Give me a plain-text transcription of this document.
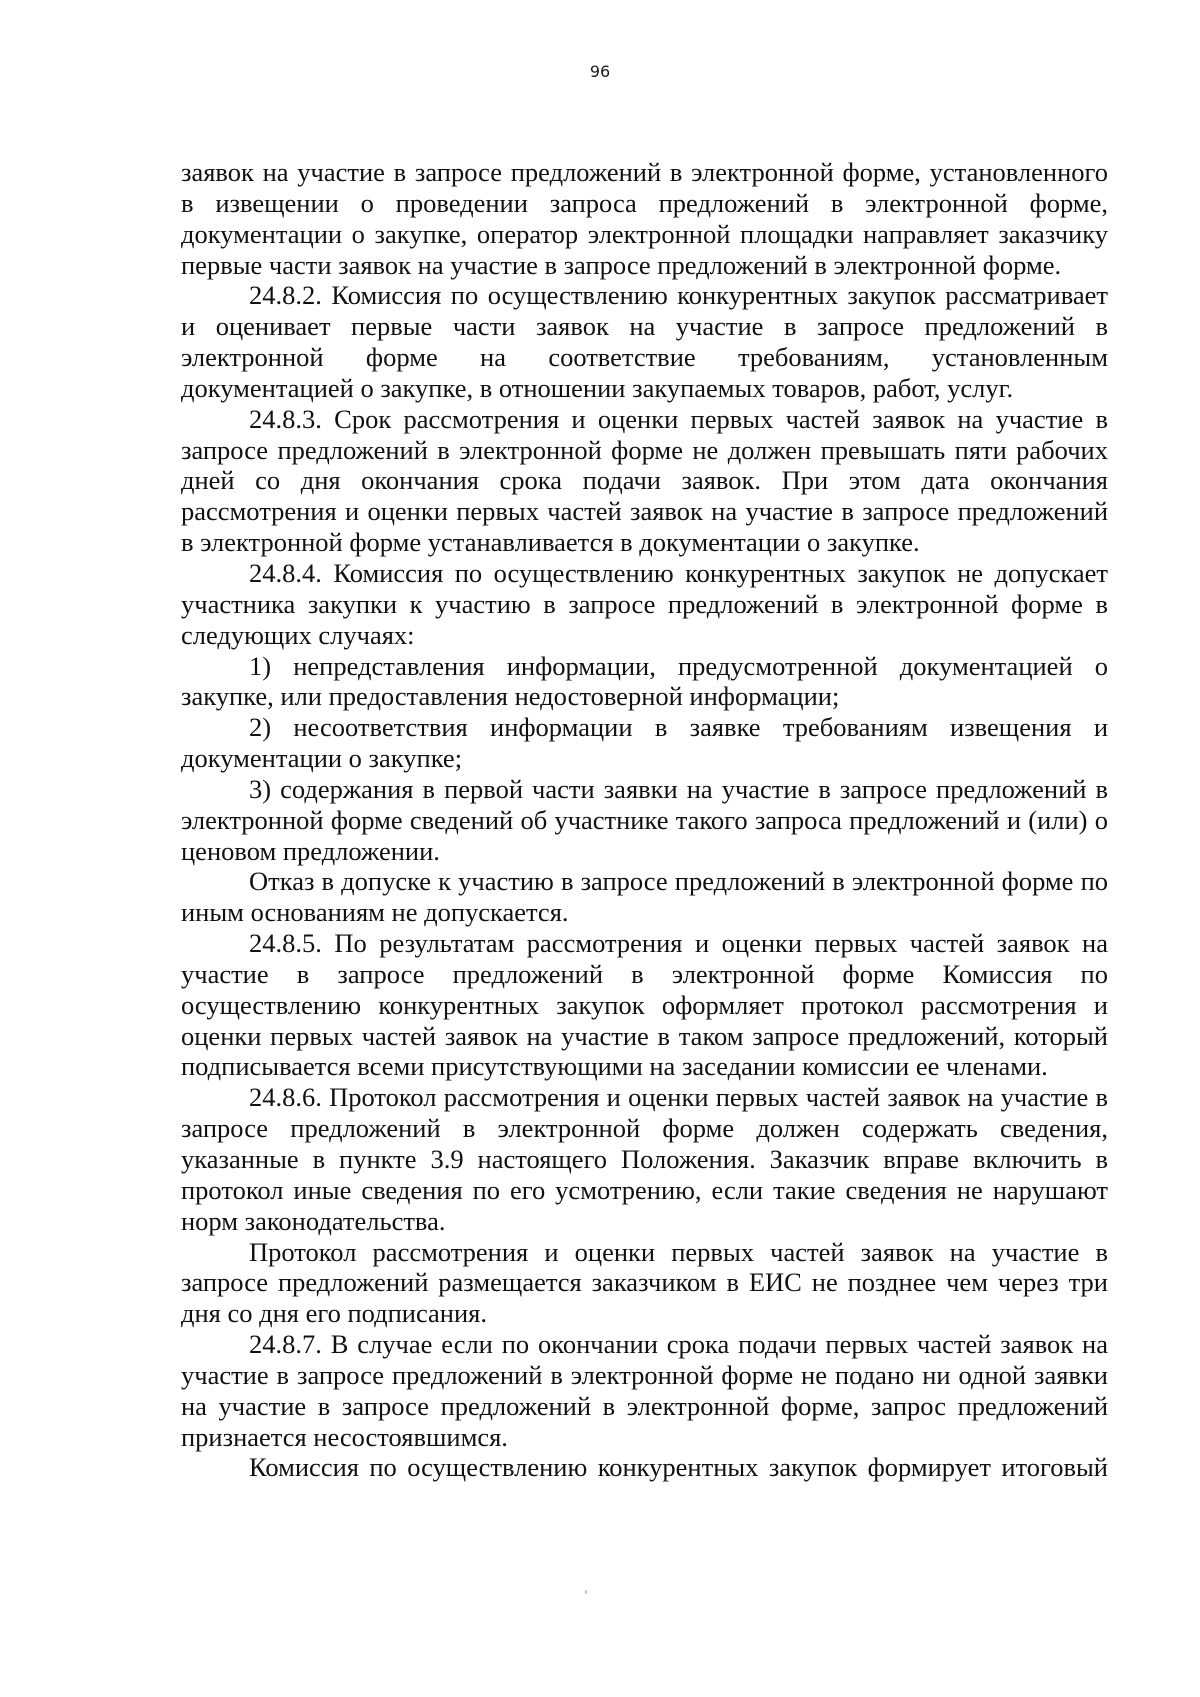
96

заявок на участие в запросе предложений в электронной форме, установленного в извещении о проведении запроса предложений в электронной форме, документации о закупке, оператор электронной площадки направляет заказчику первые части заявок на участие в запросе предложений в электронной форме.

24.8.2. Комиссия по осуществлению конкурентных закупок рассматривает и оценивает первые части заявок на участие в запросе предложений в электронной форме на соответствие требованиям, установленным документацией о закупке, в отношении закупаемых товаров, работ, услуг.

24.8.3. Срок рассмотрения и оценки первых частей заявок на участие в запросе предложений в электронной форме не должен превышать пяти рабочих дней со дня окончания срока подачи заявок. При этом дата окончания рассмотрения и оценки первых частей заявок на участие в запросе предложений в электронной форме устанавливается в документации о закупке.

24.8.4. Комиссия по осуществлению конкурентных закупок не допускает участника закупки к участию в запросе предложений в электронной форме в следующих случаях:

1) непредставления информации, предусмотренной документацией о закупке, или предоставления недостоверной информации;

2) несоответствия информации в заявке требованиям извещения и документации о закупке;

3) содержания в первой части заявки на участие в запросе предложений в электронной форме сведений об участнике такого запроса предложений и (или) о ценовом предложении.

Отказ в допуске к участию в запросе предложений в электронной форме по иным основаниям не допускается.

24.8.5. По результатам рассмотрения и оценки первых частей заявок на участие в запросе предложений в электронной форме Комиссия по осуществлению конкурентных закупок оформляет протокол рассмотрения и оценки первых частей заявок на участие в таком запросе предложений, который подписывается всеми присутствующими на заседании комиссии ее членами.

24.8.6. Протокол рассмотрения и оценки первых частей заявок на участие в запросе предложений в электронной форме должен содержать сведения, указанные в пункте 3.9 настоящего Положения. Заказчик вправе включить в протокол иные сведения по его усмотрению, если такие сведения не нарушают норм законодательства.

Протокол рассмотрения и оценки первых частей заявок на участие в запросе предложений размещается заказчиком в ЕИС не позднее чем через три дня со дня его подписания.

24.8.7. В случае если по окончании срока подачи первых частей заявок на участие в запросе предложений в электронной форме не подано ни одной заявки на участие в запросе предложений в электронной форме, запрос предложений признается несостоявшимся.

Комиссия по осуществлению конкурентных закупок формирует итоговый
